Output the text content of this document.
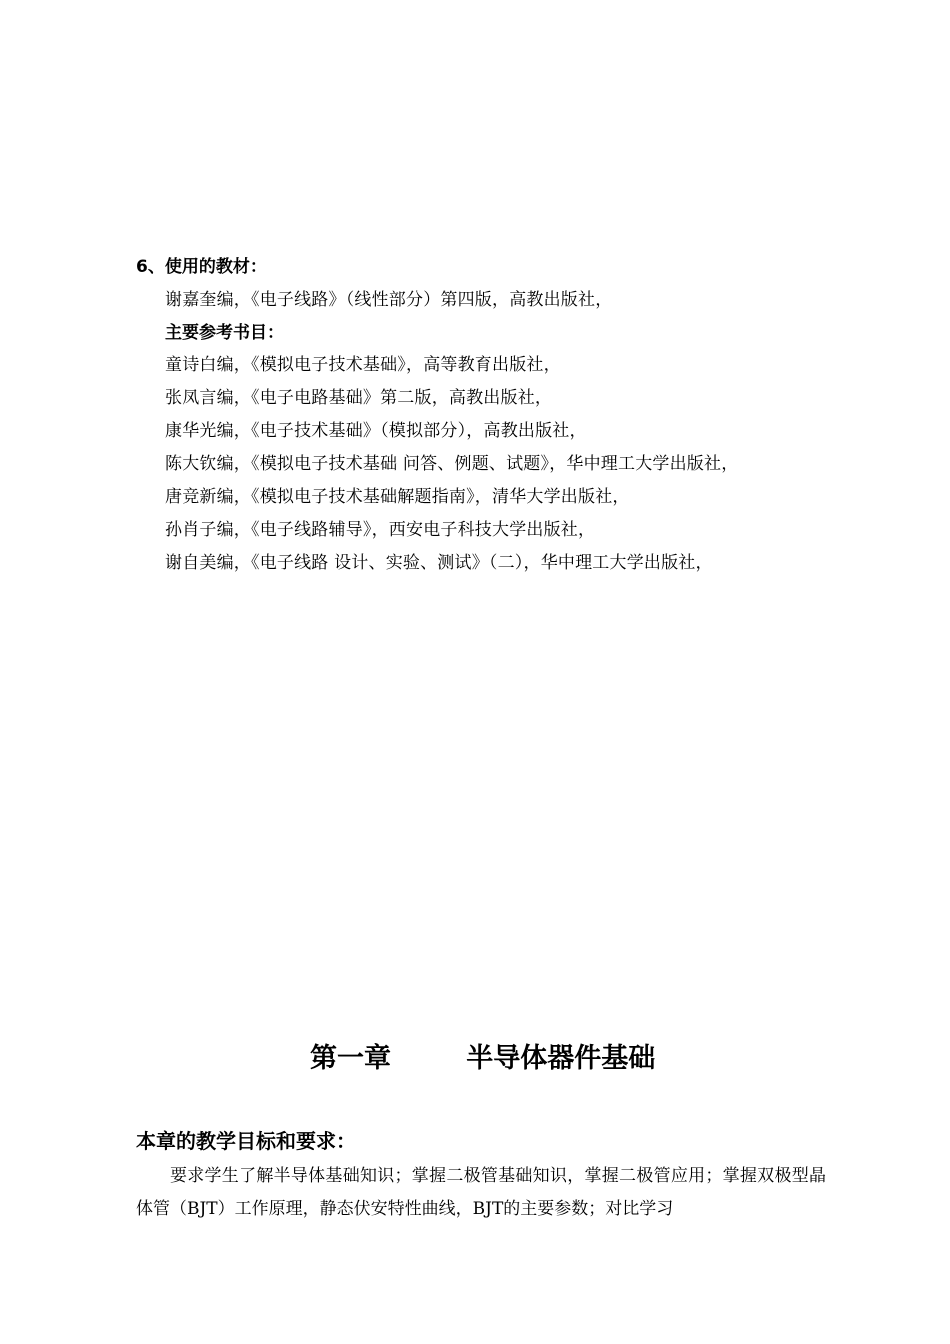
6、使用的教材：
谢嘉奎编，《电子线路》（线性部分）第四版，高教出版社，
主要参考书目：
童诗白编，《模拟电子技术基础》，高等教育出版社，
张凤言编，《电子电路基础》第二版，高教出版社，
康华光编，《电子技术基础》（模拟部分），高教出版社，
陈大钦编，《模拟电子技术基础 问答、例题、试题》，华中理工大学出版社，
唐竞新编，《模拟电子技术基础解题指南》，清华大学出版社，
孙肖子编，《电子线路辅导》，西安电子科技大学出版社，
谢自美编，《电子线路 设计、实验、测试》（二），华中理工大学出版社，
第一章        半导体器件基础
本章的教学目标和要求：
要求学生了解半导体基础知识；掌握二极管基础知识，掌握二极管应用；掌握双极型晶体管（BJT）工作原理，静态伏安特性曲线，BJT的主要参数；对比学习
